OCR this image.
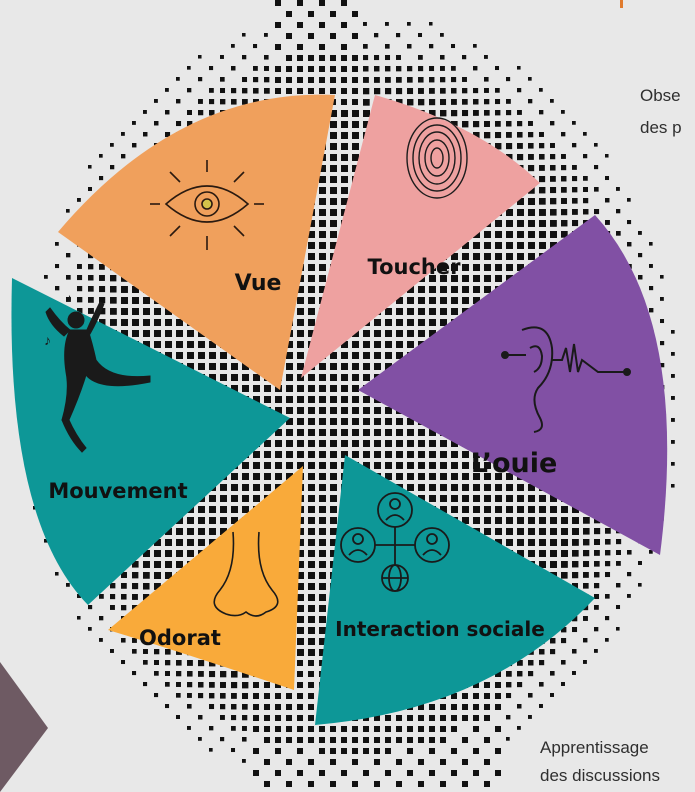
♪
♪
Vue
Toucher
L’ouie
Interaction sociale
Odorat
Mouvement
Obse
des p
Apprentissage
des discussions
